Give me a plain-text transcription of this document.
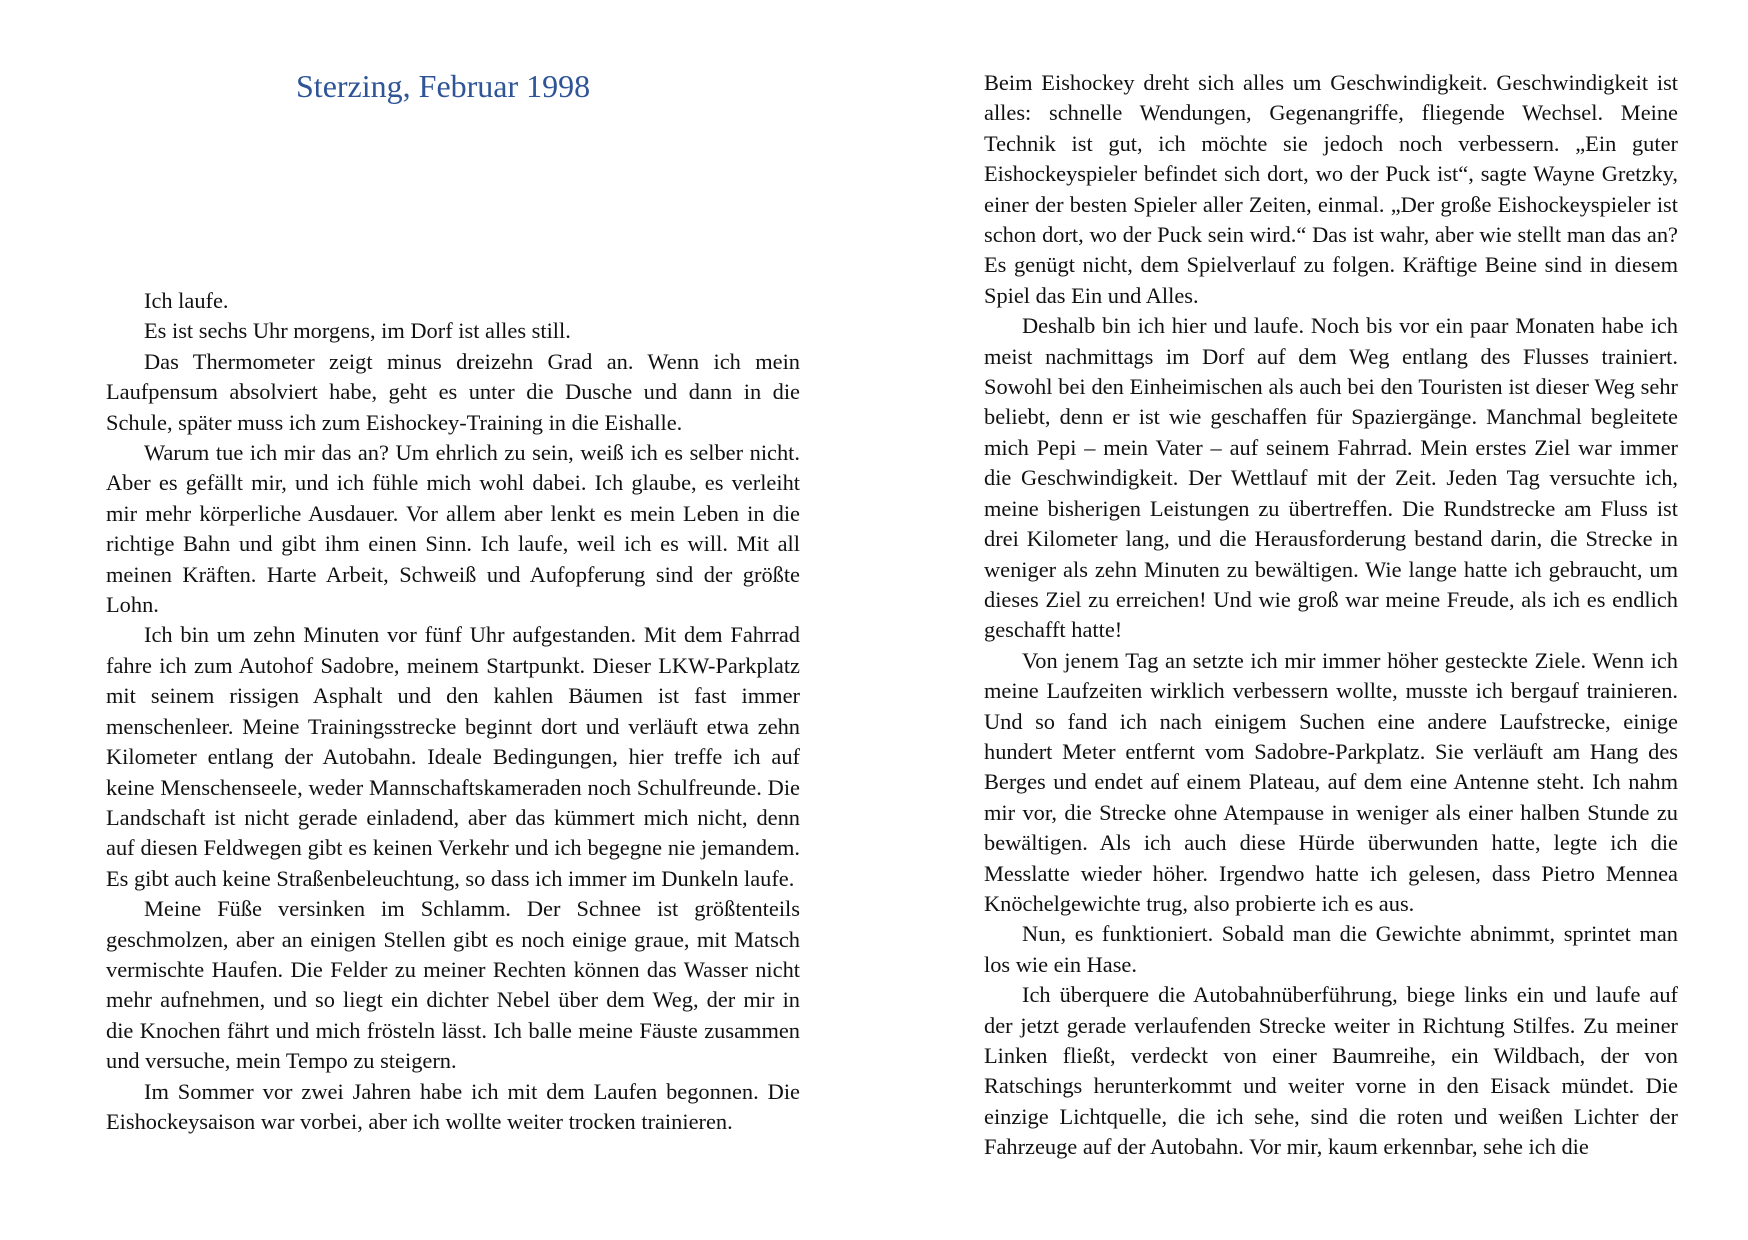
Sterzing, Februar 1998

Ich laufe.

Es ist sechs Uhr morgens, im Dorf ist alles still.

Das Thermometer zeigt minus dreizehn Grad an. Wenn ich mein Laufpensum absolviert habe, geht es unter die Dusche und dann in die Schule, später muss ich zum Eishockey-Training in die Eishalle.

Warum tue ich mir das an? Um ehrlich zu sein, weiß ich es selber nicht. Aber es gefällt mir, und ich fühle mich wohl dabei. Ich glaube, es verleiht mir mehr körperliche Ausdauer. Vor allem aber lenkt es mein Leben in die richtige Bahn und gibt ihm einen Sinn. Ich laufe, weil ich es will. Mit all meinen Kräften. Harte Arbeit, Schweiß und Aufopferung sind der größte Lohn.

Ich bin um zehn Minuten vor fünf Uhr aufgestanden. Mit dem Fahrrad fahre ich zum Autohof Sadobre, meinem Startpunkt. Dieser LKW-Parkplatz mit seinem rissigen Asphalt und den kahlen Bäumen ist fast immer menschenleer. Meine Trainingsstrecke beginnt dort und verläuft etwa zehn Kilometer entlang der Autobahn. Ideale Bedingungen, hier treffe ich auf keine Menschenseele, weder Mannschaftskameraden noch Schulfreunde. Die Landschaft ist nicht gerade einladend, aber das kümmert mich nicht, denn auf diesen Feldwegen gibt es keinen Verkehr und ich begegne nie jemandem. Es gibt auch keine Straßenbeleuchtung, so dass ich immer im Dunkeln laufe.

Meine Füße versinken im Schlamm. Der Schnee ist größtenteils geschmolzen, aber an einigen Stellen gibt es noch einige graue, mit Matsch vermischte Haufen. Die Felder zu meiner Rechten können das Wasser nicht mehr aufnehmen, und so liegt ein dichter Nebel über dem Weg, der mir in die Knochen fährt und mich frösteln lässt. Ich balle meine Fäuste zusammen und versuche, mein Tempo zu steigern.

Im Sommer vor zwei Jahren habe ich mit dem Laufen begonnen. Die Eishockeysaison war vorbei, aber ich wollte weiter trocken trainieren.

Beim Eishockey dreht sich alles um Geschwindigkeit. Geschwindigkeit ist alles: schnelle Wendungen, Gegenangriffe, fliegende Wechsel. Meine Technik ist gut, ich möchte sie jedoch noch verbessern. „Ein guter Eishockeyspieler befindet sich dort, wo der Puck ist“, sagte Wayne Gretzky, einer der besten Spieler aller Zeiten, einmal. „Der große Eishockeyspieler ist schon dort, wo der Puck sein wird.“ Das ist wahr, aber wie stellt man das an? Es genügt nicht, dem Spielverlauf zu folgen. Kräftige Beine sind in diesem Spiel das Ein und Alles.

Deshalb bin ich hier und laufe. Noch bis vor ein paar Monaten habe ich meist nachmittags im Dorf auf dem Weg entlang des Flusses trainiert. Sowohl bei den Einheimischen als auch bei den Touristen ist dieser Weg sehr beliebt, denn er ist wie geschaffen für Spaziergänge. Manchmal begleitete mich Pepi – mein Vater – auf seinem Fahrrad. Mein erstes Ziel war immer die Geschwindigkeit. Der Wettlauf mit der Zeit. Jeden Tag versuchte ich, meine bisherigen Leistungen zu übertreffen. Die Rundstrecke am Fluss ist drei Kilometer lang, und die Herausforderung bestand darin, die Strecke in weniger als zehn Minuten zu bewältigen. Wie lange hatte ich gebraucht, um dieses Ziel zu erreichen! Und wie groß war meine Freude, als ich es endlich geschafft hatte!

Von jenem Tag an setzte ich mir immer höher gesteckte Ziele. Wenn ich meine Laufzeiten wirklich verbessern wollte, musste ich bergauf trainieren. Und so fand ich nach einigem Suchen eine andere Laufstrecke, einige hundert Meter entfernt vom Sadobre-Parkplatz. Sie verläuft am Hang des Berges und endet auf einem Plateau, auf dem eine Antenne steht. Ich nahm mir vor, die Strecke ohne Atempause in weniger als einer halben Stunde zu bewältigen. Als ich auch diese Hürde überwunden hatte, legte ich die Messlatte wieder höher. Irgendwo hatte ich gelesen, dass Pietro Mennea Knöchelgewichte trug, also probierte ich es aus.

Nun, es funktioniert. Sobald man die Gewichte abnimmt, sprintet man los wie ein Hase.

Ich überquere die Autobahnüberführung, biege links ein und laufe auf der jetzt gerade verlaufenden Strecke weiter in Richtung Stilfes. Zu meiner Linken fließt, verdeckt von einer Baumreihe, ein Wildbach, der von Ratschings herunterkommt und weiter vorne in den Eisack mündet. Die einzige Lichtquelle, die ich sehe, sind die roten und weißen Lichter der Fahrzeuge auf der Autobahn. Vor mir, kaum erkennbar, sehe ich die
